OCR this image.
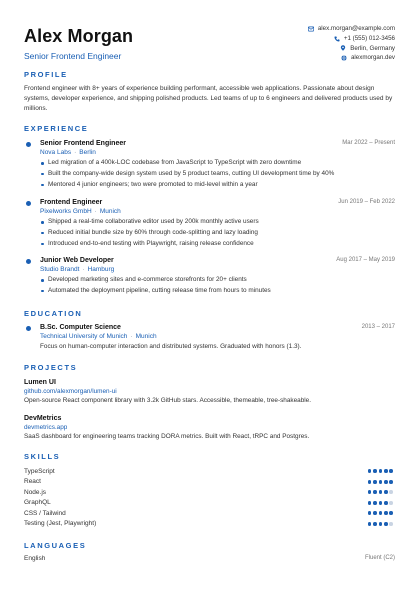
Alex Morgan
Senior Frontend Engineer
alex.morgan@example.com
+1 (555) 012-3456
Berlin, Germany
alexmorgan.dev
PROFILE
Frontend engineer with 8+ years of experience building performant, accessible web applications. Passionate about design systems, developer experience, and shipping polished products. Led teams of up to 6 engineers and delivered products used by millions.
EXPERIENCE
Senior Frontend Engineer	Mar 2022 – Present
Nova Labs · Berlin
Led migration of a 400k-LOC codebase from JavaScript to TypeScript with zero downtime
Built the company-wide design system used by 5 product teams, cutting UI development time by 40%
Mentored 4 junior engineers; two were promoted to mid-level within a year
Frontend Engineer	Jun 2019 – Feb 2022
Pixelworks GmbH · Munich
Shipped a real-time collaborative editor used by 200k monthly active users
Reduced initial bundle size by 60% through code-splitting and lazy loading
Introduced end-to-end testing with Playwright, raising release confidence
Junior Web Developer	Aug 2017 – May 2019
Studio Brandt · Hamburg
Developed marketing sites and e-commerce storefronts for 20+ clients
Automated the deployment pipeline, cutting release time from hours to minutes
EDUCATION
B.Sc. Computer Science	2013 – 2017
Technical University of Munich · Munich
Focus on human-computer interaction and distributed systems. Graduated with honors (1.3).
PROJECTS
Lumen UI
github.com/alexmorgan/lumen-ui
Open-source React component library with 3.2k GitHub stars. Accessible, themeable, tree-shakeable.
DevMetrics
devmetrics.app
SaaS dashboard for engineering teams tracking DORA metrics. Built with React, tRPC and Postgres.
SKILLS
TypeScript
React
Node.js
GraphQL
CSS / Tailwind
Testing (Jest, Playwright)
LANGUAGES
English	Fluent (C2)
